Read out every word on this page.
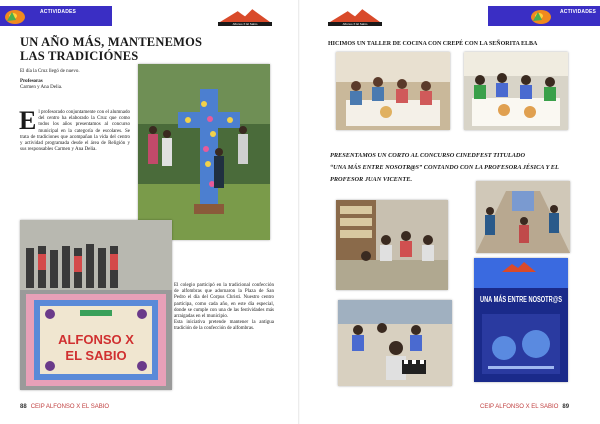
ACTIVIDADES
Alfonso X El Sabio
UN AÑO MÁS, MANTENEMOS LAS TRADICIÓNES
El día la Cruz llegó de nuevo.
Profesoras
Carmen y Ana Delia.
El profesorado conjuntamente con el alumnado del centro ha elaborado la Cruz que como todos los años presentamos al concurso municipal en la categoría de escolares. Se trata de tradiciones que acompañan la vida del centro y actividad programada desde el área de Religión y sus responsables Carmen y Ana Delia.
ALFONSO X
EL SABIO
El colegio participó en la tradicional confección de alfombras que adornaron la Plaza de San Pedro el día del Corpus Christi. Nuestro centro participa, como cada año, en este día especial, donde se cumple con una de las festividades más arraigadas en el municipio.
Esta iniciativa pretende mantener la antigua tradición de la confección de alfombras.
88 CEIP ALFONSO X EL SABIO
Alfonso X El Sabio
ACTIVIDADES
HICIMOS UN TALLER DE COCINA CON CREPÉ CON LA SEÑORITA ELBA
PRESENTAMOS UN CORTO AL CONCURSO CINEDFEST TITULADO
“UNA MÁS ENTRE NOSOTR@S” CONTANDO CON LA PROFESORA JÉSICA Y EL
PROFESOR JUAN VICENTE.
UNA MÁS ENTRE NOSOTR@S
CEIP ALFONSO X EL SABIO 89
